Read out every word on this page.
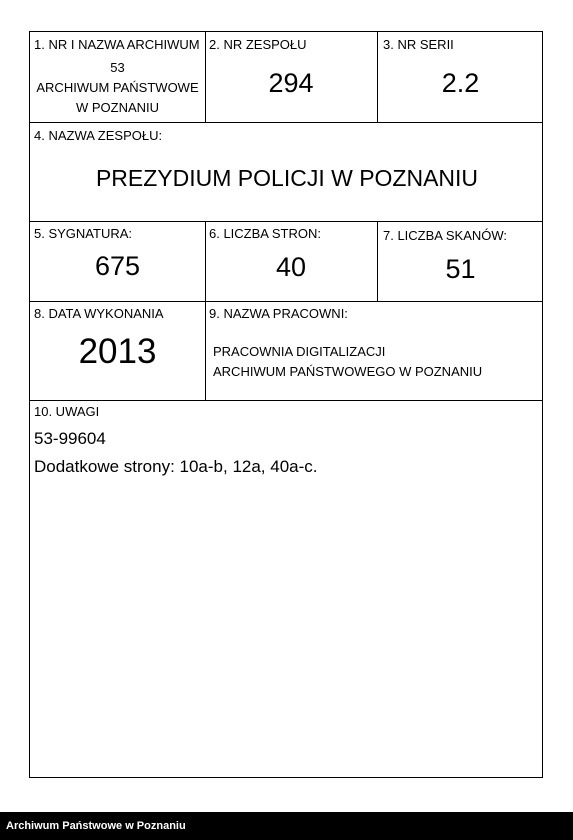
1. NR I NAZWA ARCHIWUM
53
ARCHIWUM PAŃSTWOWE
W POZNANIU
2. NR ZESPOŁU
294
3. NR SERII
2.2
4. NAZWA ZESPOŁU:
PREZYDIUM POLICJI W POZNANIU
5. SYGNATURA:
675
6. LICZBA STRON:
40
7. LICZBA SKANÓW:
51
8. DATA WYKONANIA
2013
9. NAZWA PRACOWNI:
PRACOWNIA DIGITALIZACJI
ARCHIWUM PAŃSTWOWEGO W POZNANIU
10. UWAGI
53-99604
Dodatkowe strony: 10a-b, 12a, 40a-c.
Archiwum Państwowe w Poznaniu
